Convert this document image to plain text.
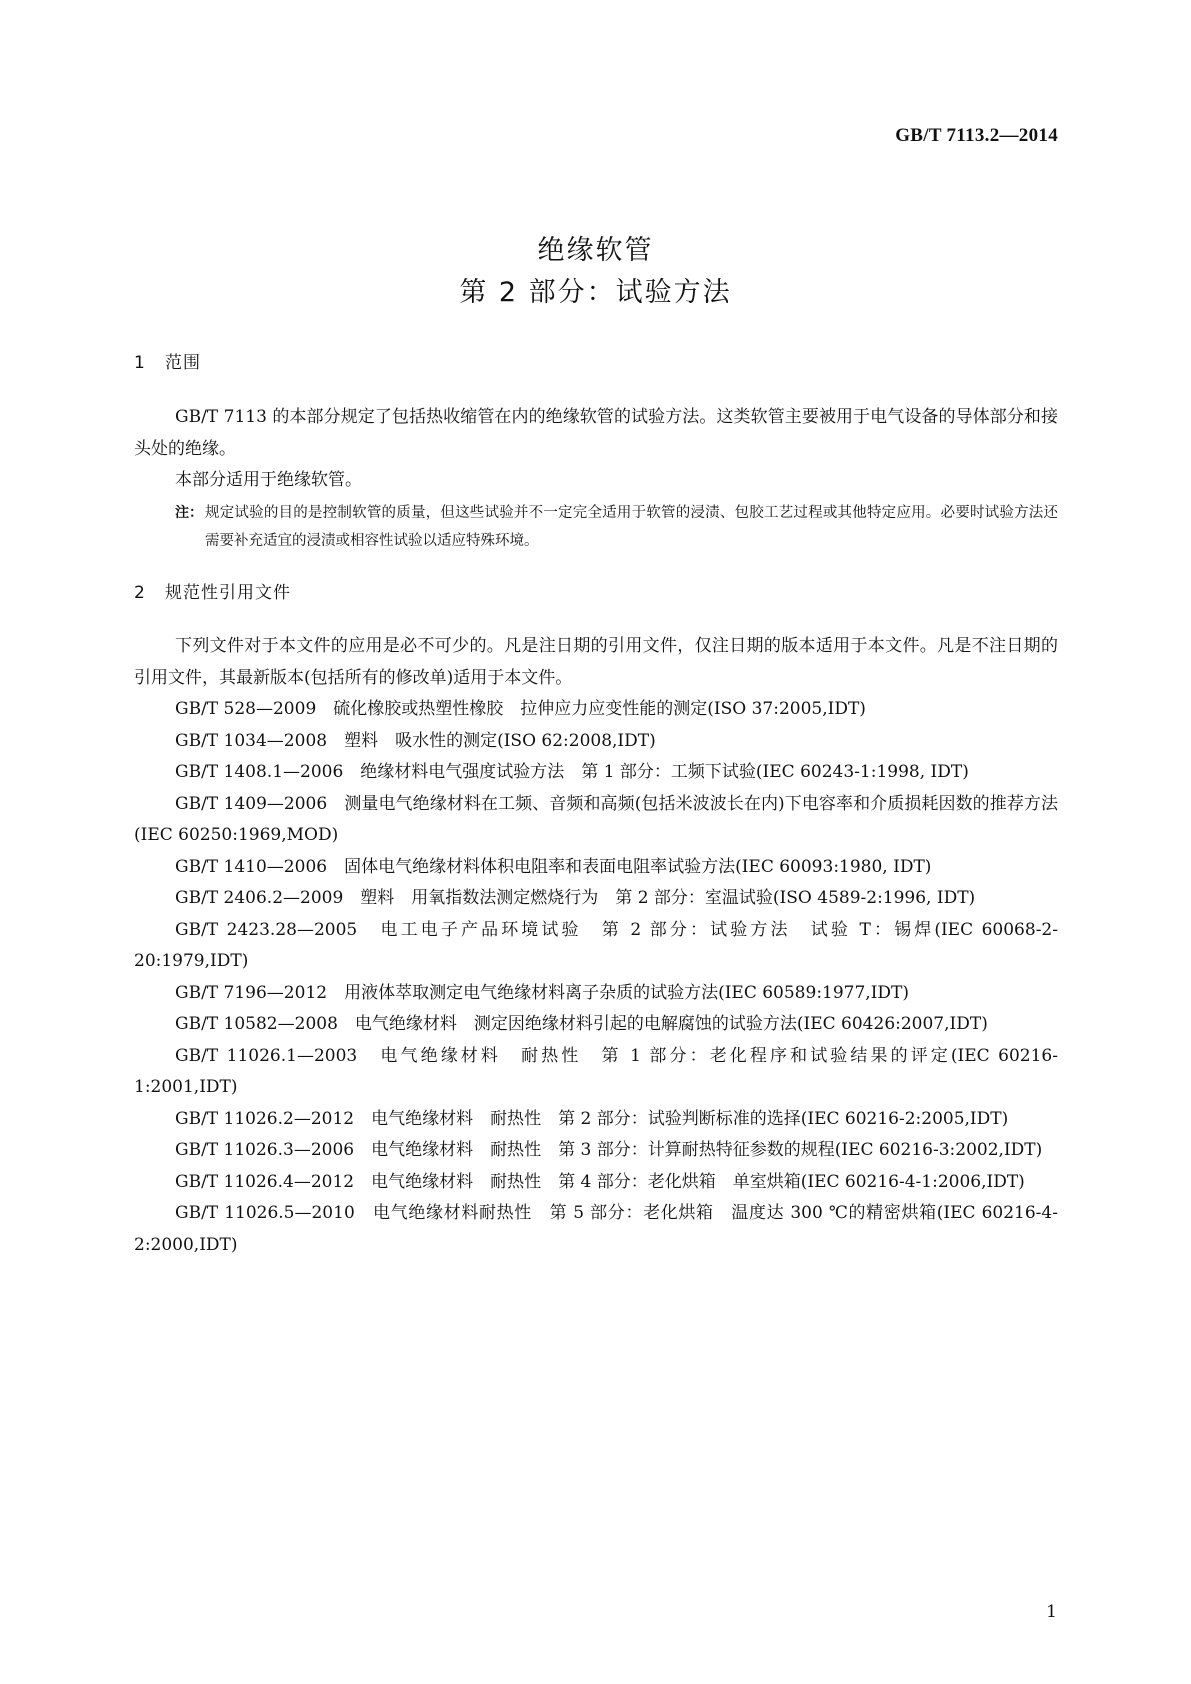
GB/T 7113.2—2014
绝缘软管
第 2 部分：试验方法
1 范围

GB/T 7113 的本部分规定了包括热收缩管在内的绝缘软管的试验方法。这类软管主要被用于电气设备的导体部分和接头处的绝缘。

本部分适用于绝缘软管。

注： 规定试验的目的是控制软管的质量，但这些试验并不一定完全适用于软管的浸渍、包胶工艺过程或其他特定应用。必要时试验方法还需要补充适宜的浸渍或相容性试验以适应特殊环境。
2 规范性引用文件

下列文件对于本文件的应用是必不可少的。凡是注日期的引用文件，仅注日期的版本适用于本文件。凡是不注日期的引用文件，其最新版本(包括所有的修改单)适用于本文件。

GB/T 528—2009　硫化橡胶或热塑性橡胶　拉伸应力应变性能的测定(ISO 37:2005,IDT)

GB/T 1034—2008　塑料　吸水性的测定(ISO 62:2008,IDT)

GB/T 1408.1—2006　绝缘材料电气强度试验方法　第 1 部分：工频下试验(IEC 60243-1:1998, IDT)

GB/T 1409—2006　测量电气绝缘材料在工频、音频和高频(包括米波波长在内)下电容率和介质损耗因数的推荐方法(IEC 60250:1969,MOD)

GB/T 1410—2006　固体电气绝缘材料体积电阻率和表面电阻率试验方法(IEC 60093:1980, IDT)

GB/T 2406.2—2009　塑料　用氧指数法测定燃烧行为　第 2 部分：室温试验(ISO 4589-2:1996, IDT)

GB/T 2423.28—2005　电工电子产品环境试验　第 2 部分：试验方法　试验 T：锡焊(IEC 60068-2-20:1979,IDT)

GB/T 7196—2012　用液体萃取测定电气绝缘材料离子杂质的试验方法(IEC 60589:1977,IDT)

GB/T 10582—2008　电气绝缘材料　测定因绝缘材料引起的电解腐蚀的试验方法(IEC 60426:2007,IDT)

GB/T 11026.1—2003　电气绝缘材料　耐热性　第 1 部分：老化程序和试验结果的评定(IEC 60216-1:2001,IDT)

GB/T 11026.2—2012　电气绝缘材料　耐热性　第 2 部分：试验判断标准的选择(IEC 60216-2:2005,IDT)

GB/T 11026.3—2006　电气绝缘材料　耐热性　第 3 部分：计算耐热特征参数的规程(IEC 60216-3:2002,IDT)

GB/T 11026.4—2012　电气绝缘材料　耐热性　第 4 部分：老化烘箱　单室烘箱(IEC 60216-4-1:2006,IDT)

GB/T 11026.5—2010　电气绝缘材料耐热性　第 5 部分：老化烘箱　温度达 300 ℃的精密烘箱(IEC 60216-4-2:2000,IDT)

1
